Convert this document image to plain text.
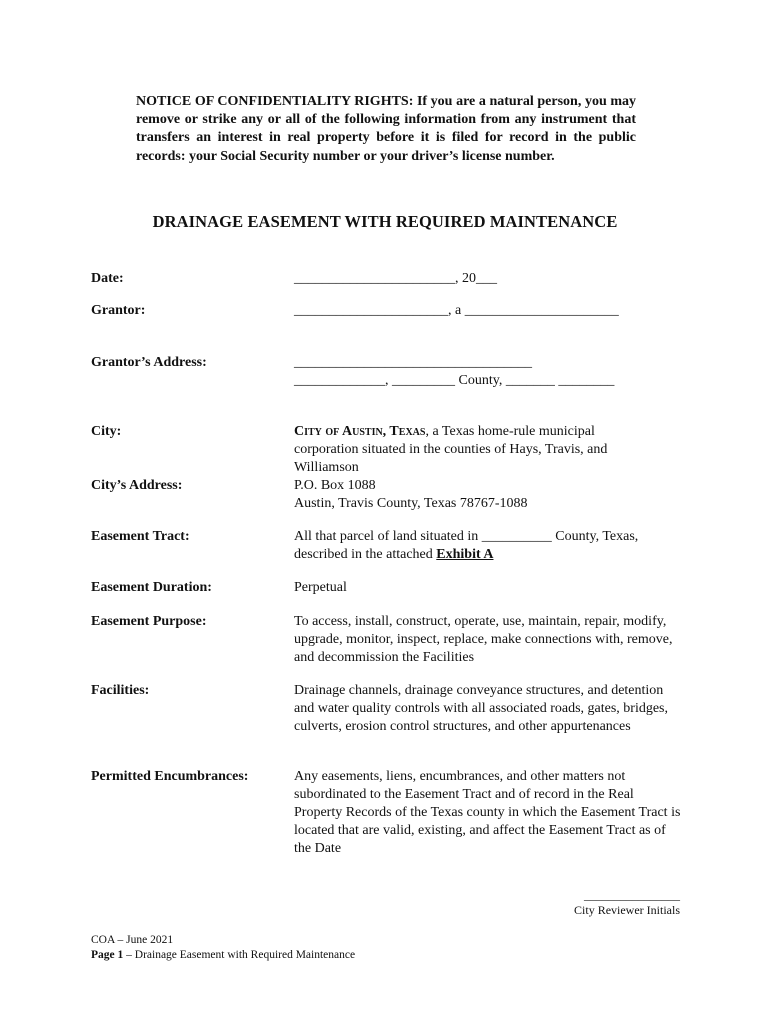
NOTICE OF CONFIDENTIALITY RIGHTS: If you are a natural person, you may remove or strike any or all of the following information from any instrument that transfers an interest in real property before it is filed for record in the public records: your Social Security number or your driver’s license number.
DRAINAGE EASEMENT WITH REQUIRED MAINTENANCE
Date:	_______________________, 20___
Grantor:	______________________, a ______________________
Grantor’s Address:	__________________________________
_____________, _________ County, _______ ________
City:	City of Austin, Texas, a Texas home-rule municipal corporation situated in the counties of Hays, Travis, and Williamson
City’s Address:	P.O. Box 1088
Austin, Travis County, Texas 78767-1088
Easement Tract:	All that parcel of land situated in __________ County, Texas, described in the attached Exhibit A
Easement Duration:	Perpetual
Easement Purpose:	To access, install, construct, operate, use, maintain, repair, modify, upgrade, monitor, inspect, replace, make connections with, remove, and decommission the Facilities
Facilities:	Drainage channels, drainage conveyance structures, and detention and water quality controls with all associated roads, gates, bridges, culverts, erosion control structures, and other appurtenances
Permitted Encumbrances:	Any easements, liens, encumbrances, and other matters not subordinated to the Easement Tract and of record in the Real Property Records of the Texas county in which the Easement Tract is located that are valid, existing, and affect the Easement Tract as of the Date
________________
City Reviewer Initials
COA – June 2021
Page 1 – Drainage Easement with Required Maintenance
